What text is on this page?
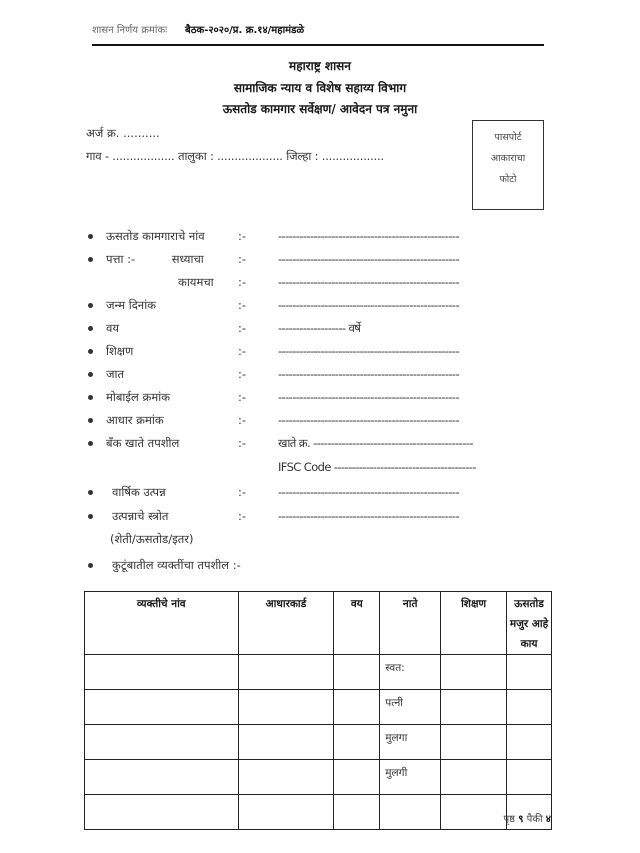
शासन निर्णय क्रमांकः बैठक-२०२०/प्र. क्र.१४/महामंडळे
महाराष्ट्र शासन
सामाजिक न्याय व विशेष सहाय्य विभाग
ऊसतोड कामगार सर्वेक्षण/ आवेदन पत्र नमुना
अर्ज क्र. ..........
गाव - .................. तालुका : ................... जिल्हा : ..................
पासपोर्ट
आकाराचा
फोटो
ऊसतोड कामगाराचे नांव	:-	---------------------------------------------------
पत्ता :-          सध्याचा	:-	---------------------------------------------------
कायमचा :-	---------------------------------------------------
जन्म दिनांक	:-	---------------------------------------------------
वय	:-	------------------- वर्षे
शिक्षण	:-	---------------------------------------------------
जात	:-	---------------------------------------------------
मोबाईल क्रमांक	:-	---------------------------------------------------
आधार क्रमांक	:-	---------------------------------------------------
बँक खाते तपशील	:-	खाते क्र. ---------------------------------------------
IFSC Code ----------------------------------------
वार्षिक उत्पन्न	:-	---------------------------------------------------
उत्पन्नाचे स्त्रोत	:-	---------------------------------------------------
(शेती/ऊसतोड/इतर)
कुटूंबातील व्यक्तींचा तपशील :-
व्यक्तीचे नांव	आधारकार्ड	वय	नाते	शिक्षण	ऊसतोड मजुर आहे काय
			स्वत:		
			पत्नी		
			मुलगा		
			मुलगी		

पृष्ठ ९ पैकी ४
